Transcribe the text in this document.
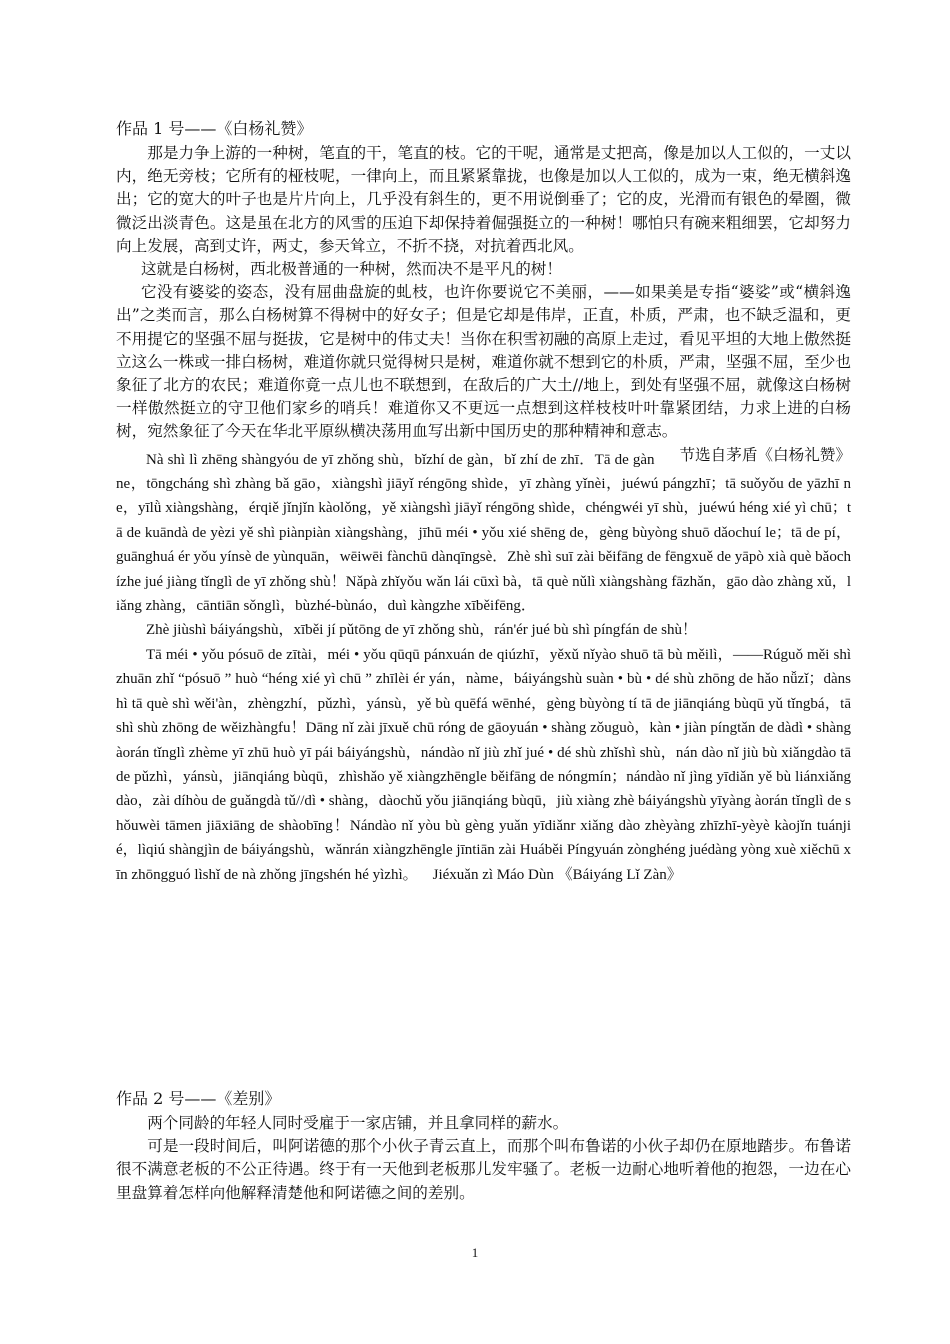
作品 1 号——《白杨礼赞》

那是力争上游的一种树，笔直的干，笔直的枝。它的干呢，通常是丈把高，像是加以人工似的，一丈以内，绝无旁枝；它所有的桠枝呢，一律向上，而且紧紧靠拢，也像是加以人工似的，成为一束，绝无横斜逸出；它的宽大的叶子也是片片向上，几乎没有斜生的，更不用说倒垂了；它的皮，光滑而有银色的晕圈，微微泛出淡青色。这是虽在北方的风雪的压迫下却保持着倔强挺立的一种树！哪怕只有碗来粗细罢，它却努力向上发展，高到丈许，两丈，参天耸立，不折不挠，对抗着西北风。

这就是白杨树，西北极普通的一种树，然而决不是平凡的树！

它没有婆娑的姿态，没有屈曲盘旋的虬枝，也许你要说它不美丽，——如果美是专指“婆娑”或“横斜逸出”之类而言，那么白杨树算不得树中的好女子；但是它却是伟岸，正直，朴质，严肃，也不缺乏温和，更不用提它的坚强不屈与挺拔，它是树中的伟丈夫！当你在积雪初融的高原上走过，看见平坦的大地上傲然挺立这么一株或一排白杨树，难道你就只觉得树只是树，难道你就不想到它的朴质，严肃，坚强不屈，至少也象征了北方的农民；难道你竟一点儿也不联想到，在敌后的广大土//地上，到处有坚强不屈，就像这白杨树一样傲然挺立的守卫他们家乡的哨兵！难道你又不更远一点想到这样枝枝叶叶靠紧团结，力求上进的白杨树，宛然象征了今天在华北平原纵横决荡用血写出新中国历史的那种精神和意志。
节选自茅盾《白杨礼赞》

Nà shì lì zhēng shàngyóu de yī zhǒng shù，bǐzhí de gàn，bǐ zhí de zhī．Tā de gàn ne，tōngcháng shì zhàng bǎ gāo，xiàngshì jiāyǐ réngōng shìde，yī zhàng yǐnèi，juéwú pángzhī；tā suǒyǒu de yāzhī ne，yīlǜ xiàngshàng，érqiě jǐnjǐn kàolǒng，yě xiàngshì jiāyǐ réngōng shìde，chéngwéi yī shù，juéwú héng xié yì chū；tā de kuāndà de yèzi yě shì piànpiàn xiàngshàng，jīhū méi • yǒu xié shēng de，gèng bùyòng shuō dǎochuí le；tā de pí，guānghuá ér yǒu yínsè de yùnquān，wēiwēi fànchū dànqīngsè．Zhè shì suī zài běifāng de fēngxuě de yāpò xià què bǎochízhe jué jiàng tǐnglì de yī zhǒng shù！Nǎpà zhǐyǒu wǎn lái cūxì bà，tā què nǔlì xiàngshàng fāzhǎn，gāo dào zhàng xǔ，liǎng zhàng，cāntiān sǒnglì，bùzhé-bùnáo，duì kàngzhe xīběifēng．

Zhè jiùshì báiyángshù，xīběi jí pǔtōng de yī zhǒng shù，rán'ér jué bù shì píngfán de shù！

Tā méi • yǒu pósuō de zītài，méi • yǒu qūqū pánxuán de qiúzhī，yěxǔ nǐyào shuō tā bù měilì，——Rúguǒ měi shì zhuān zhǐ “pósuō ” huò “héng xié yì chū ” zhīlèi ér yán，nàme，báiyángshù suàn • bù • dé shù zhōng de hǎo nǚzǐ；dànshì tā què shì wěi'àn，zhèngzhí，pǔzhì，yánsù，yě bù quēfá wēnhé，gèng bùyòng tí tā de jiānqiáng bùqū yǔ tǐngbá，tā shì shù zhōng de wěizhàngfu！Dāng nǐ zài jīxuě chū róng de gāoyuán • shàng zǒuguò，kàn • jiàn píngtǎn de dàdì • shàng àorán tǐnglì zhème yī zhū huò yī pái báiyángshù，nándào nǐ jiù zhǐ jué • dé shù zhǐshì shù，nán dào nǐ jiù bù xiǎngdào tā de pǔzhì，yánsù，jiānqiáng bùqū，zhìshǎo yě xiàngzhēngle běifāng de nóngmín；nándào nǐ jìng yīdiǎn yě bù liánxiǎng dào，zài díhòu de guǎngdà tǔ//dì • shàng，dàochǔ yǒu jiānqiáng bùqū，jiù xiàng zhè báiyángshù yīyàng àorán tǐnglì de shǒuwèi tāmen jiāxiāng de shàobīng！Nándào nǐ yòu bù gèng yuǎn yīdiǎnr xiǎng dào zhèyàng zhīzhī-yèyè kàojǐn tuánjié，lìqiú shàngjìn de báiyángshù，wǎnrán xiàngzhēngle jīntiān zài Huáběi Píngyuán zònghéng juédàng yòng xuè xiěchū xīn zhōngguó lìshǐ de nà zhǒng jīngshén hé yìzhì。 Jiéxuǎn zì Máo Dùn 《Báiyáng Lǐ Zàn》

作品 2 号——《差别》

两个同龄的年轻人同时受雇于一家店铺，并且拿同样的薪水。

可是一段时间后，叫阿诺德的那个小伙子青云直上，而那个叫布鲁诺的小伙子却仍在原地踏步。布鲁诺很不满意老板的不公正待遇。终于有一天他到老板那儿发牢骚了。老板一边耐心地听着他的抱怨，一边在心里盘算着怎样向他解释清楚他和阿诺德之间的差别。

1
